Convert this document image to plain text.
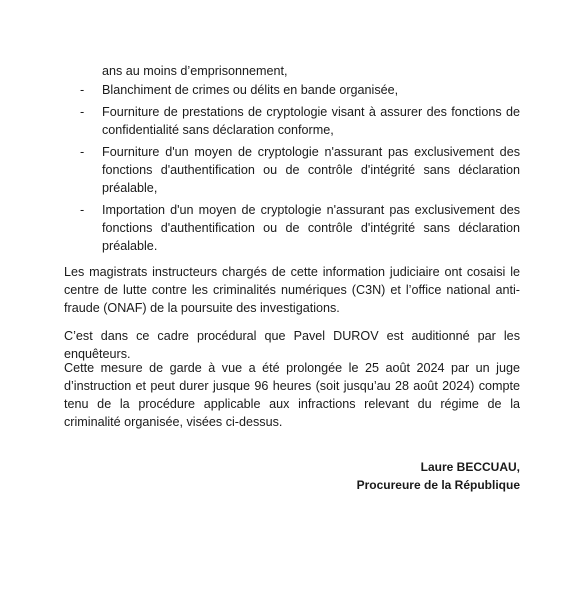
ans au moins d’emprisonnement,

- Blanchiment de crimes ou délits en bande organisée,
- Fourniture de prestations de cryptologie visant à assurer des fonctions de confidentialité sans déclaration conforme,
- Fourniture d'un moyen de cryptologie n'assurant pas exclusivement des fonctions d'authentification ou de contrôle d'intégrité sans déclaration préalable,
- Importation d'un moyen de cryptologie n'assurant pas exclusivement des fonctions d'authentification ou de contrôle d'intégrité sans déclaration préalable.

Les magistrats instructeurs chargés de cette information judiciaire ont cosaisi le centre de lutte contre les criminalités numériques (C3N) et l’office national anti-fraude (ONAF) de la poursuite des investigations.

C’est dans ce cadre procédural que Pavel DUROV est auditionné par les enquêteurs.

Cette mesure de garde à vue a été prolongée le 25 août 2024 par un juge d’instruction et peut durer jusque 96 heures (soit jusqu’au 28 août 2024) compte tenu de la procédure applicable aux infractions relevant du régime de la criminalité organisée, visées ci-dessus.

Laure BECCUAU,
Procureure de la République
